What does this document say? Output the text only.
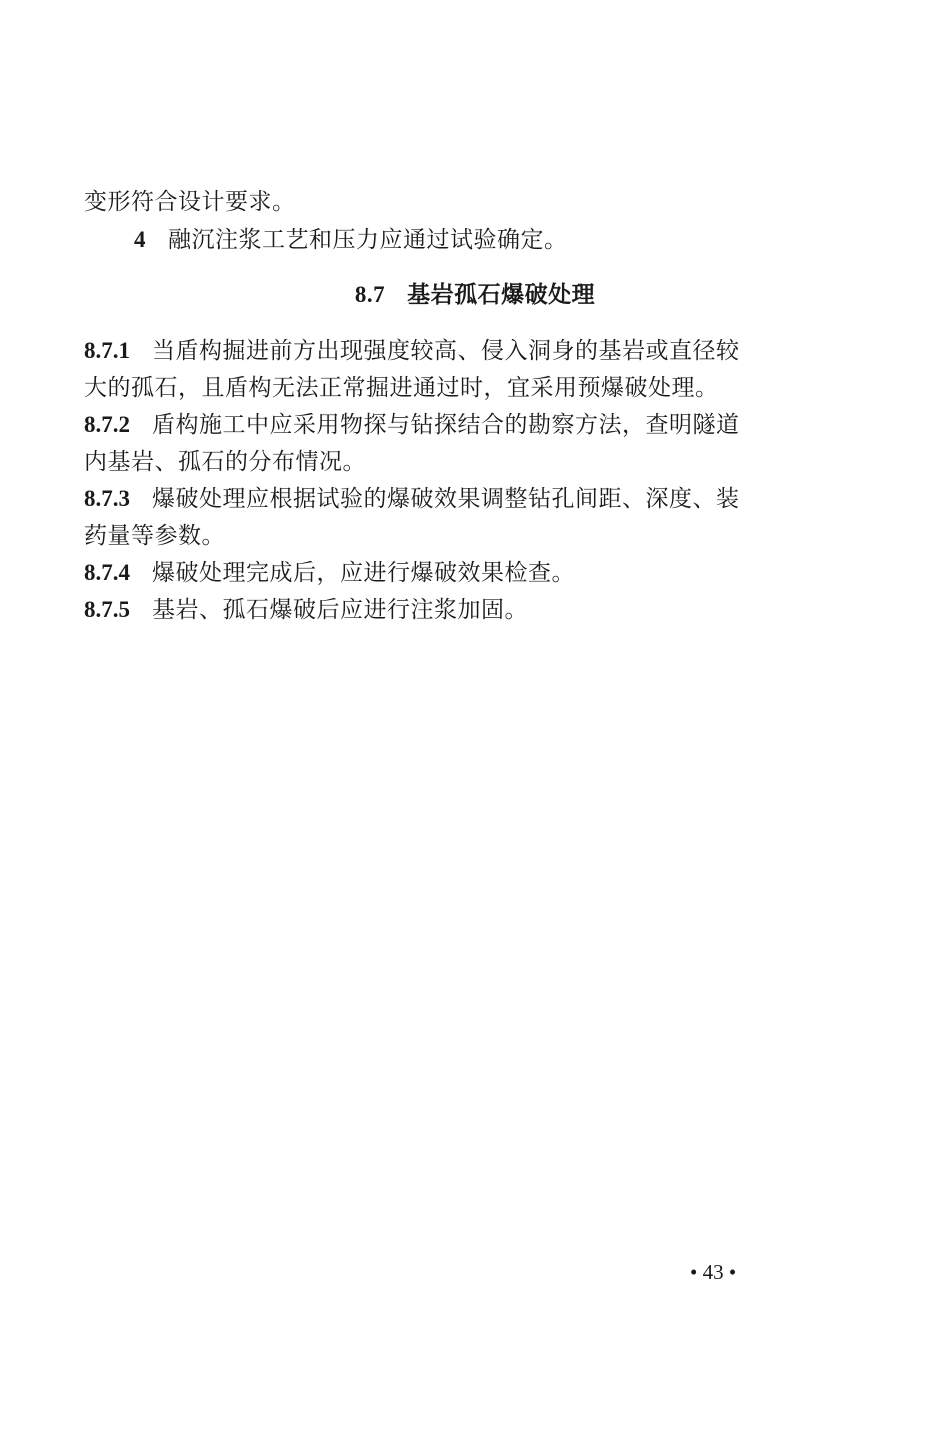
变形符合设计要求。
4 融沉注浆工艺和压力应通过试验确定。
8.7 基岩孤石爆破处理
8.7.1 当盾构掘进前方出现强度较高、侵入洞身的基岩或直径较
大的孤石，且盾构无法正常掘进通过时，宜采用预爆破处理。
8.7.2 盾构施工中应采用物探与钻探结合的勘察方法，查明隧道
内基岩、孤石的分布情况。
8.7.3 爆破处理应根据试验的爆破效果调整钻孔间距、深度、装
药量等参数。
8.7.4 爆破处理完成后，应进行爆破效果检查。
8.7.5 基岩、孤石爆破后应进行注浆加固。
• 43 •
